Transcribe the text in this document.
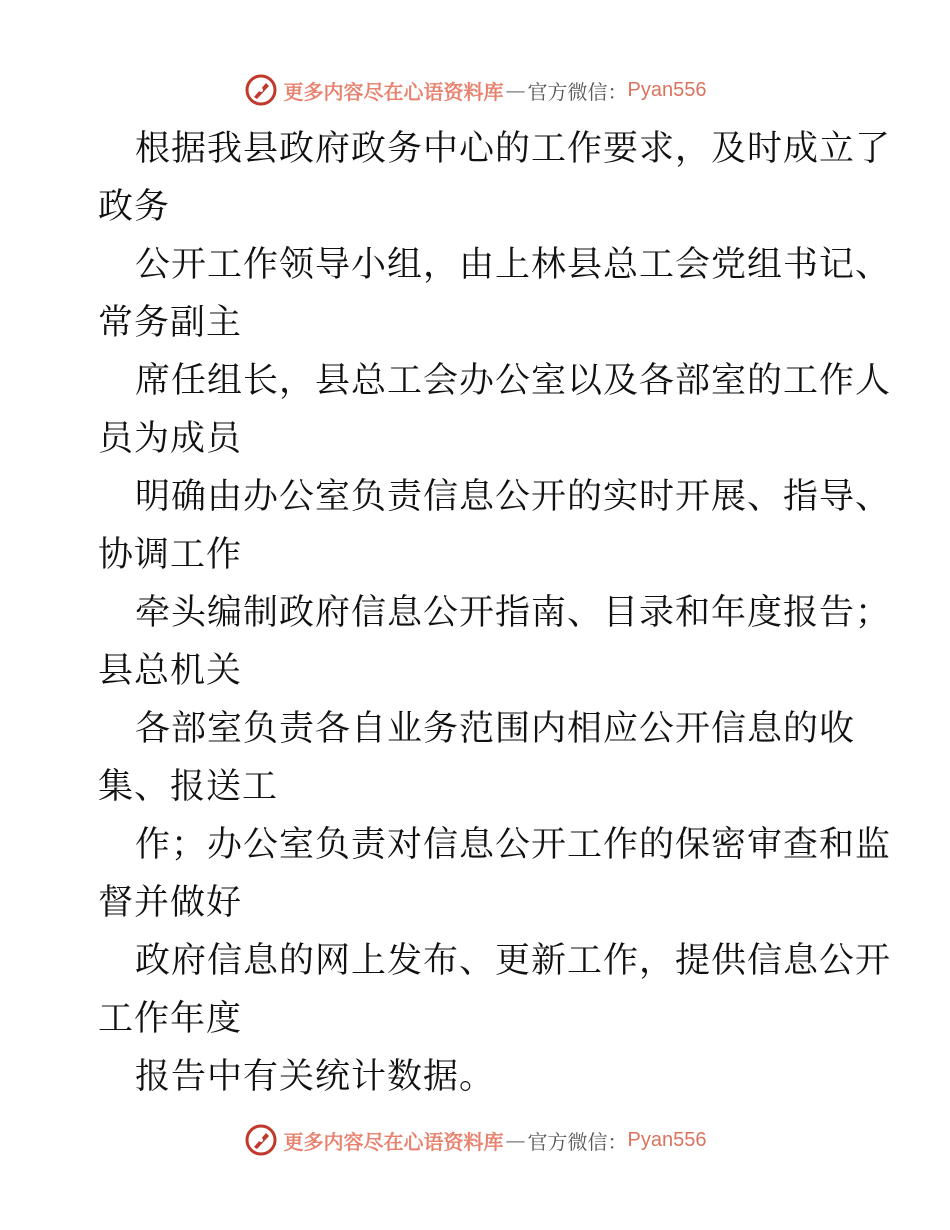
更多内容尽在心语资料库 — 官方微信： Pyan556
根据我县政府政务中心的工作要求，及时成立了
政务
公开工作领导小组，由上林县总工会党组书记、
常务副主
席任组长，县总工会办公室以及各部室的工作人
员为成员
明确由办公室负责信息公开的实时开展、指导、
协调工作
牵头编制政府信息公开指南、目录和年度报告；
县总机关
各部室负责各自业务范围内相应公开信息的收
集、报送工
作；办公室负责对信息公开工作的保密审查和监
督并做好
政府信息的网上发布、更新工作，提供信息公开
工作年度
报告中有关统计数据。
更多内容尽在心语资料库 — 官方微信： Pyan556
